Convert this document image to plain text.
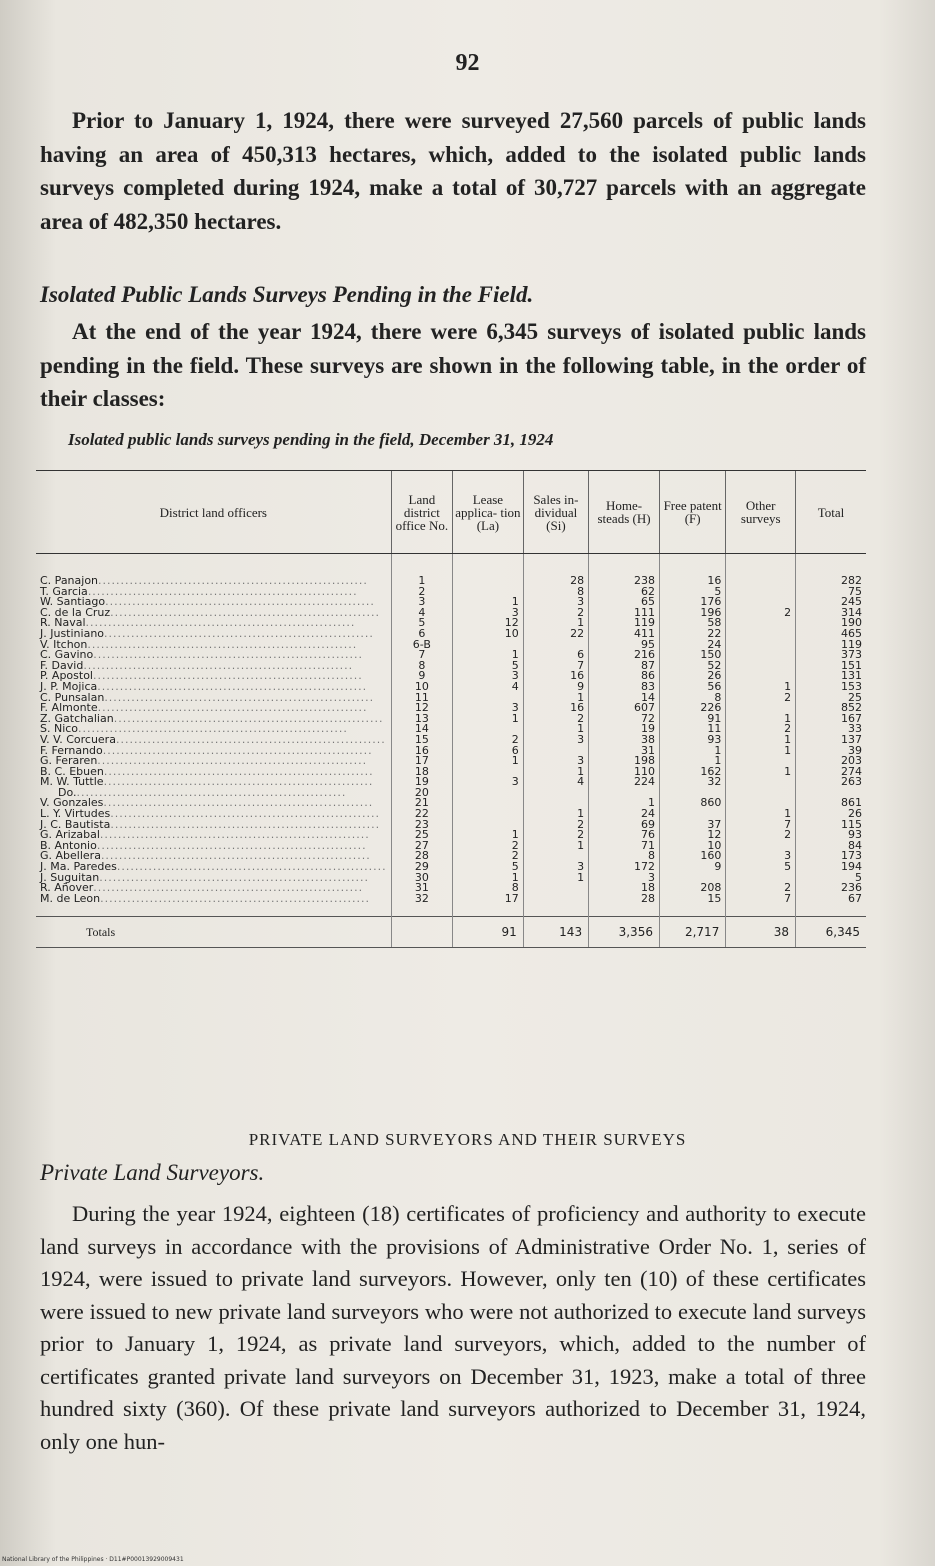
92
Prior to January 1, 1924, there were surveyed 27,560 parcels of public lands having an area of 450,313 hectares, which, added to the isolated public lands surveys completed during 1924, make a total of 30,727 parcels with an aggregate area of 482,350 hectares.
Isolated Public Lands Surveys Pending in the Field.
At the end of the year 1924, there were 6,345 surveys of isolated public lands pending in the field. These surveys are shown in the following table, in the order of their classes:
Isolated public lands surveys pending in the field, December 31, 1924
District land officers	Land district office No.	Lease applica- tion (La)	Sales in- dividual (Si)	Home- steads (H)	Free patent (F)	Other surveys	Total

C. Panajon ............................................................	1		28	238	16		282

T. Garcia ............................................................	2		8	62	5		75

W. Santiago ............................................................	3	1	3	65	176		245

C. de la Cruz ............................................................	4	3	2	111	196	2	314

R. Naval ............................................................	5	12	1	119	58		190

J. Justiniano ............................................................	6	10	22	411	22		465

V. Itchon ............................................................	6-B			95	24		119

C. Gavino ............................................................	7	1	6	216	150		373

F. David ............................................................	8	5	7	87	52		151

P. Apostol ............................................................	9	3	16	86	26		131

J. P. Mojica ............................................................	10	4	9	83	56	1	153

C. Punsalan ............................................................	11		1	14	8	2	25

F. Almonte ............................................................	12	3	16	607	226		852

Z. Gatchalian ............................................................	13	1	2	72	91	1	167

S. Nico ............................................................	14		1	19	11	2	33

V. V. Corcuera ............................................................	15	2	3	38	93	1	137

F. Fernando ............................................................	16	6		31	1	1	39

G. Feraren ............................................................	17	1	3	198	1		203

B. C. Ebuen ............................................................	18		1	110	162	1	274

M. W. Tuttle ............................................................	19	3	4	224	32		263

Do. ............................................................	20						

V. Gonzales ............................................................	21			1	860		861

L. Y. Virtudes ............................................................	22		1	24		1	26

J. C. Bautista ............................................................	23		2	69	37	7	115

G. Arizabal ............................................................	25	1	2	76	12	2	93

B. Antonio ............................................................	27	2	1	71	10		84

G. Abellera ............................................................	28	2		8	160	3	173

J. Ma. Paredes ............................................................	29	5	3	172	9	5	194

J. Suguitan ............................................................	30	1	1	3			5

R. Añover ............................................................	31	8		18	208	2	236

M. de Leon ............................................................	32	17		28	15	7	67
Totals		91	143	3,356	2,717	38	6,345
PRIVATE LAND SURVEYORS AND THEIR SURVEYS
Private Land Surveyors.
During the year 1924, eighteen (18) certificates of proficiency and authority to execute land surveys in accordance with the provisions of Administrative Order No. 1, series of 1924, were issued to private land surveyors. However, only ten (10) of these certificates were issued to new private land surveyors who were not authorized to execute land surveys prior to January 1, 1924, as private land surveyors, which, added to the number of certificates granted private land surveyors on December 31, 1923, make a total of three hundred sixty (360). Of these private land surveyors authorized to December 31, 1924, only one hun-
National Library of the Philippines · D11#P00013929009431
